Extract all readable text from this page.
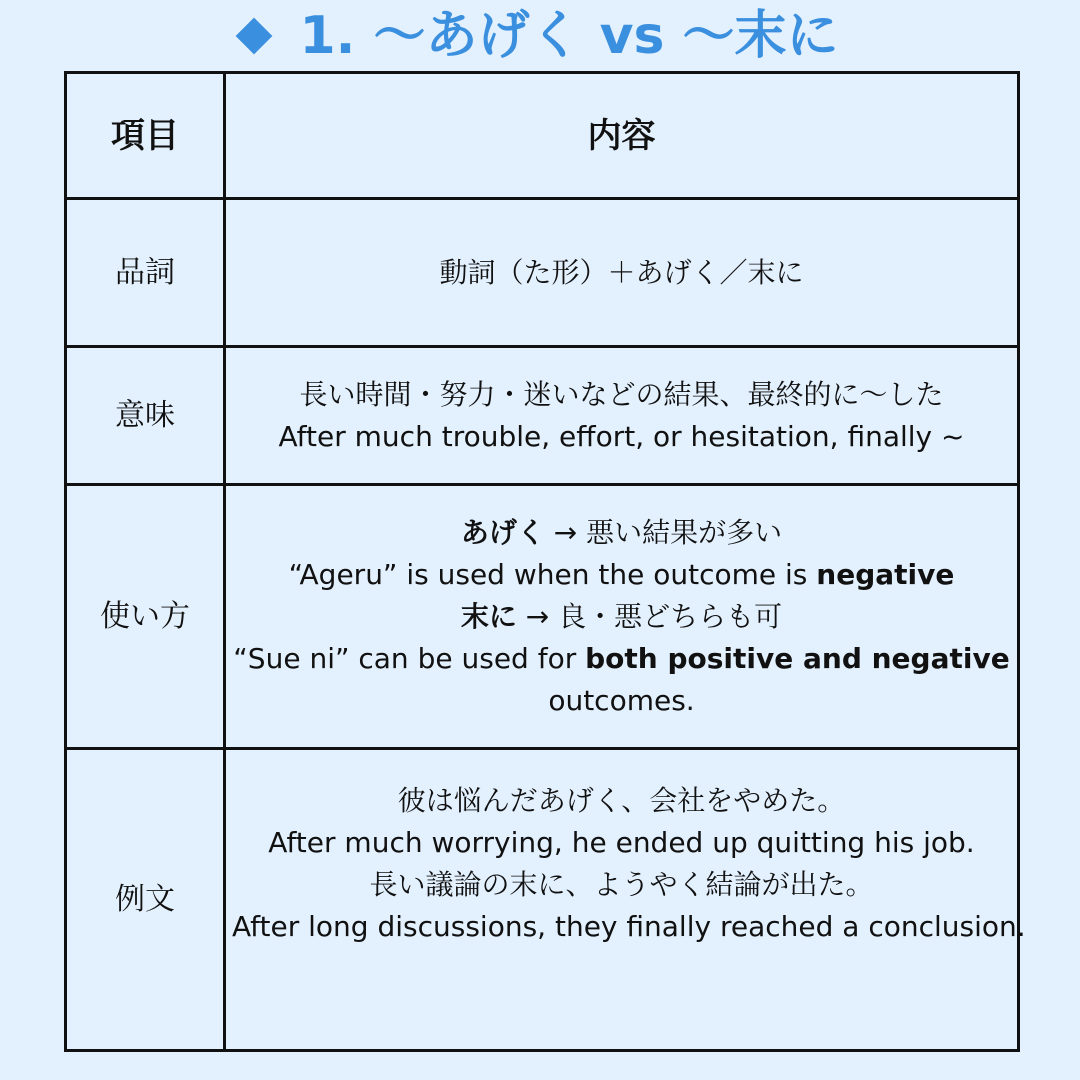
1. 〜あげく vs 〜末に
項目	内容
品詞	動詞（た形）＋あげく／末に
意味	長い時間・努力・迷いなどの結果、最終的に〜した
After much trouble, effort, or hesitation, finally ~

使い方	あげく → 悪い結果が多い
“Ageru” is used when the outcome is negative
末に → 良・悪どちらも可
“Sue ni” can be used for both positive and negative
outcomes.

例文	彼は悩んだあげく、会社をやめた。
After much worrying, he ended up quitting his job.
長い議論の末に、ようやく結論が出た。
After long discussions, they finally reached a conclusion.
